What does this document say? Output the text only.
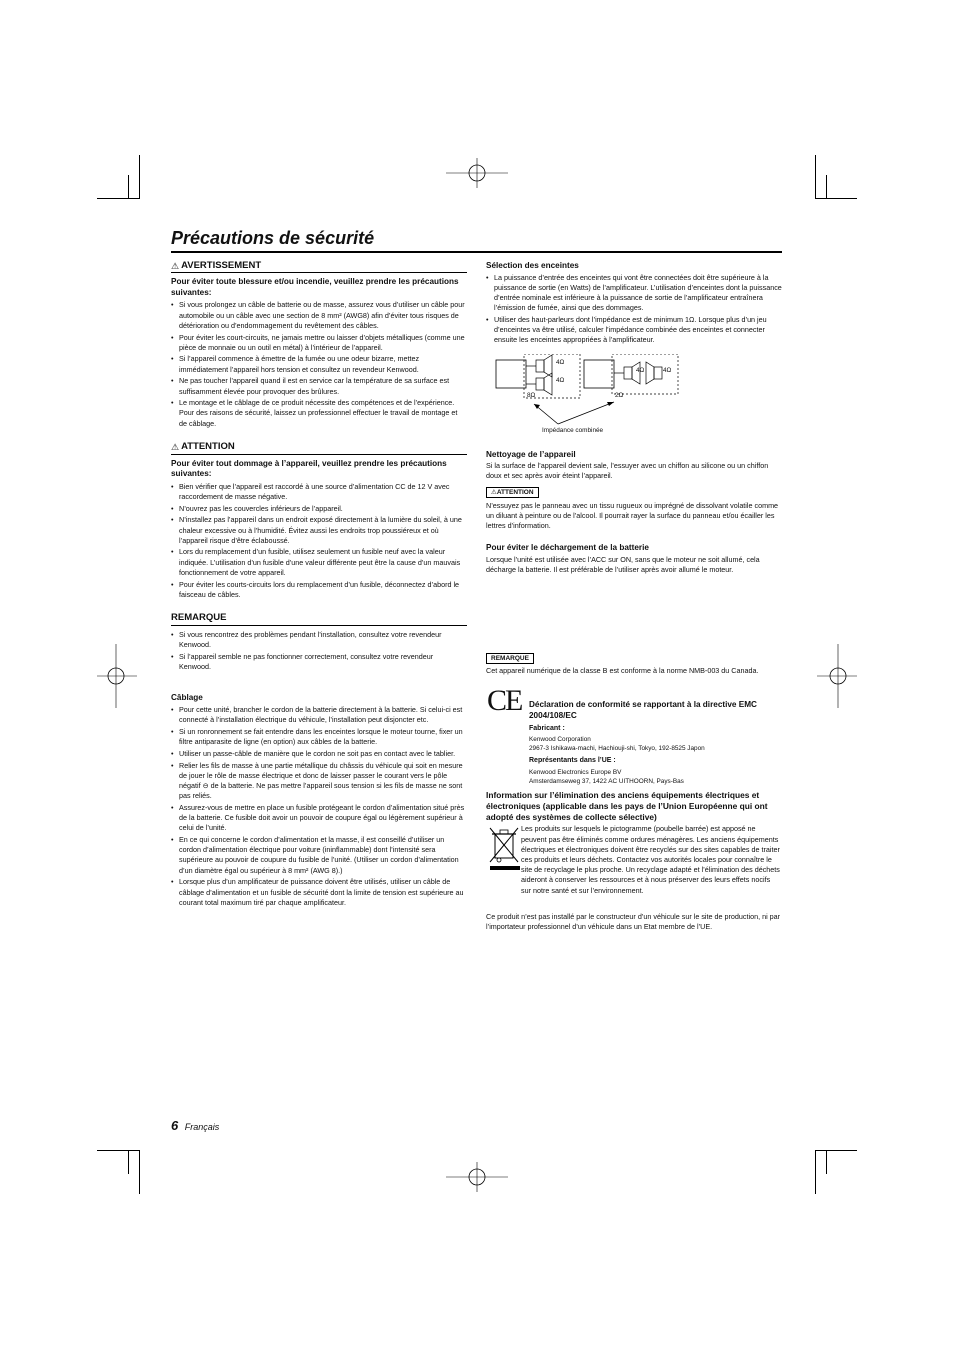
Précautions de sécurité
⚠ AVERTISSEMENT

Pour éviter toute blessure et/ou incendie, veuillez prendre les précautions suivantes:

• Si vous prolongez un câble de batterie ou de masse, assurez vous d’utiliser un câble pour automobile ou un câble avec une section de 8 mm² (AWG8) afin d’éviter tous risques de détérioration ou d’endommagement du revêtement des câbles.
• Pour éviter les court-circuits, ne jamais mettre ou laisser d’objets métalliques (comme une pièce de monnaie ou un outil en métal) à l’intérieur de l’appareil.
• Si l’appareil commence à émettre de la fumée ou une odeur bizarre, mettez immédiatement l’appareil hors tension et consultez un revendeur Kenwood.
• Ne pas toucher l’appareil quand il est en service car la température de sa surface est suffisamment élevée pour provoquer des brûlures.
• Le montage et le câblage de ce produit nécessite des compétences et de l’expérience. Pour des raisons de sécurité, laissez un professionnel effectuer le travail de montage et de câblage.
⚠ ATTENTION

Pour éviter tout dommage à l’appareil, veuillez prendre les précautions suivantes:

• Bien vérifier que l’appareil est raccordé à une source d’alimentation CC de 12 V avec raccordement de masse négative.
• N’ouvrez pas les couvercles inférieurs de l’appareil.
• N’installez pas l’appareil dans un endroit exposé directement à la lumière du soleil, à une chaleur excessive ou à l’humidité. Évitez aussi les endroits trop poussiéreux et où l’appareil risque d’être éclaboussé.
• Lors du remplacement d’un fusible, utilisez seulement un fusible neuf avec la valeur indiquée. L’utilisation d’un fusible d’une valeur différente peut être la cause d’un mauvais fonctionnement de votre appareil.
• Pour éviter les courts-circuits lors du remplacement d’un fusible, déconnectez d’abord le faisceau de câbles.
REMARQUE
• Si vous rencontrez des problèmes pendant l’installation, consultez votre revendeur Kenwood.
• Si l’appareil semble ne pas fonctionner correctement, consultez votre revendeur Kenwood.

Câblage

• Pour cette unité, brancher le cordon de la batterie directement à la batterie. Si celui-ci est connecté à l’installation électrique du véhicule, l’installation peut disjoncter etc.
• Si un ronronnement se fait entendre dans les enceintes lorsque le moteur tourne, fixer un filtre antiparasite de ligne (en option) aux câbles de la batterie.
• Utiliser un passe-câble de manière que le cordon ne soit pas en contact avec le tablier.
• Relier les fils de masse à une partie métallique du châssis du véhicule qui soit en mesure de jouer le rôle de masse électrique et donc de laisser passer le courant vers le pôle négatif ⊖ de la batterie. Ne pas mettre l’appareil sous tension si les fils de masse ne sont pas reliés.
• Assurez-vous de mettre en place un fusible protégeant le cordon d’alimentation situé près de la batterie. Ce fusible doit avoir un pouvoir de coupure égal ou légèrement supérieur à celui de l’unité.
• En ce qui concerne le cordon d’alimentation et la masse, il est conseillé d’utiliser un cordon d’alimentation électrique pour voiture (ininflammable) dont l’intensité sera supérieure au pouvoir de coupure du fusible de l’unité. (Utiliser un cordon d’alimentation d’un diamètre égal ou supérieur à 8 mm² (AWG 8).)
• Lorsque plus d’un amplificateur de puissance doivent être utilisés, utiliser un câble de câblage d’alimentation et un fusible de sécurité dont la limite de tension est supérieure au courant total maximum tiré par chaque amplificateur.

Sélection des enceintes

• La puissance d’entrée des enceintes qui vont être connectées doit être supérieure à la puissance de sortie (en Watts) de l’amplificateur. L’utilisation d’enceintes dont la puissance d’entrée nominale est inférieure à la puissance de sortie de l’amplificateur entraînera l’émission de fumée, ainsi que des dommages.
• Utiliser des haut-parleurs dont l’impédance est de minimum 1Ω. Lorsque plus d’un jeu d’enceintes va être utilisé, calculer l’impédance combinée des enceintes et connecter ensuite les enceintes appropriées à l’amplificateur.
4Ω
4Ω
8Ω
4Ω	4Ω
2Ω
Impédance combinée

Nettoyage de l’appareil

Si la surface de l’appareil devient sale, l’essuyer avec un chiffon au silicone ou un chiffon doux et sec après avoir éteint l’appareil.

⚠ATTENTION

N’essuyez pas le panneau avec un tissu rugueux ou imprégné de dissolvant volatile comme un diluant à peinture ou de l’alcool. Il pourrait rayer la surface du panneau et/ou écailler les lettres d’information.

Pour éviter le déchargement de la batterie

Lorsque l’unité est utilisée avec l’ACC sur ON, sans que le moteur ne soit allumé, cela décharge la batterie. Il est préférable de l’utiliser après avoir allumé le moteur.

REMARQUE

Cet appareil numérique de la classe B est conforme à la norme NMB-003 du Canada.

CE Déclaration de conformité se rapportant à la directive EMC 2004/108/EC

Fabricant :

Kenwood Corporation

2967-3 Ishikawa-machi, Hachiouji-shi, Tokyo, 192-8525 Japon

Représentants dans l’UE :

Kenwood Electronics Europe BV

Amsterdamseweg 37, 1422 AC UITHOORN, Pays-Bas

Information sur l’élimination des anciens équipements électriques et électroniques (applicable dans les pays de l’Union Européenne qui ont adopté des systèmes de collecte sélective)

Les produits sur lesquels le pictogramme (poubelle barrée) est apposé ne peuvent pas être éliminés comme ordures ménagères. Les anciens équipements électriques et électroniques doivent être recyclés sur des sites capables de traiter ces produits et leurs déchets. Contactez vos autorités locales pour connaître le site de recyclage le plus proche. Un recyclage adapté et l’élimination des déchets aideront à conserver les ressources et à nous préserver des leurs effets nocifs sur notre santé et sur l’environnement.

Ce produit n’est pas installé par le constructeur d’un véhicule sur le site de production, ni par l’importateur professionnel d’un véhicule dans un Etat membre de l’UE.

6 Français
